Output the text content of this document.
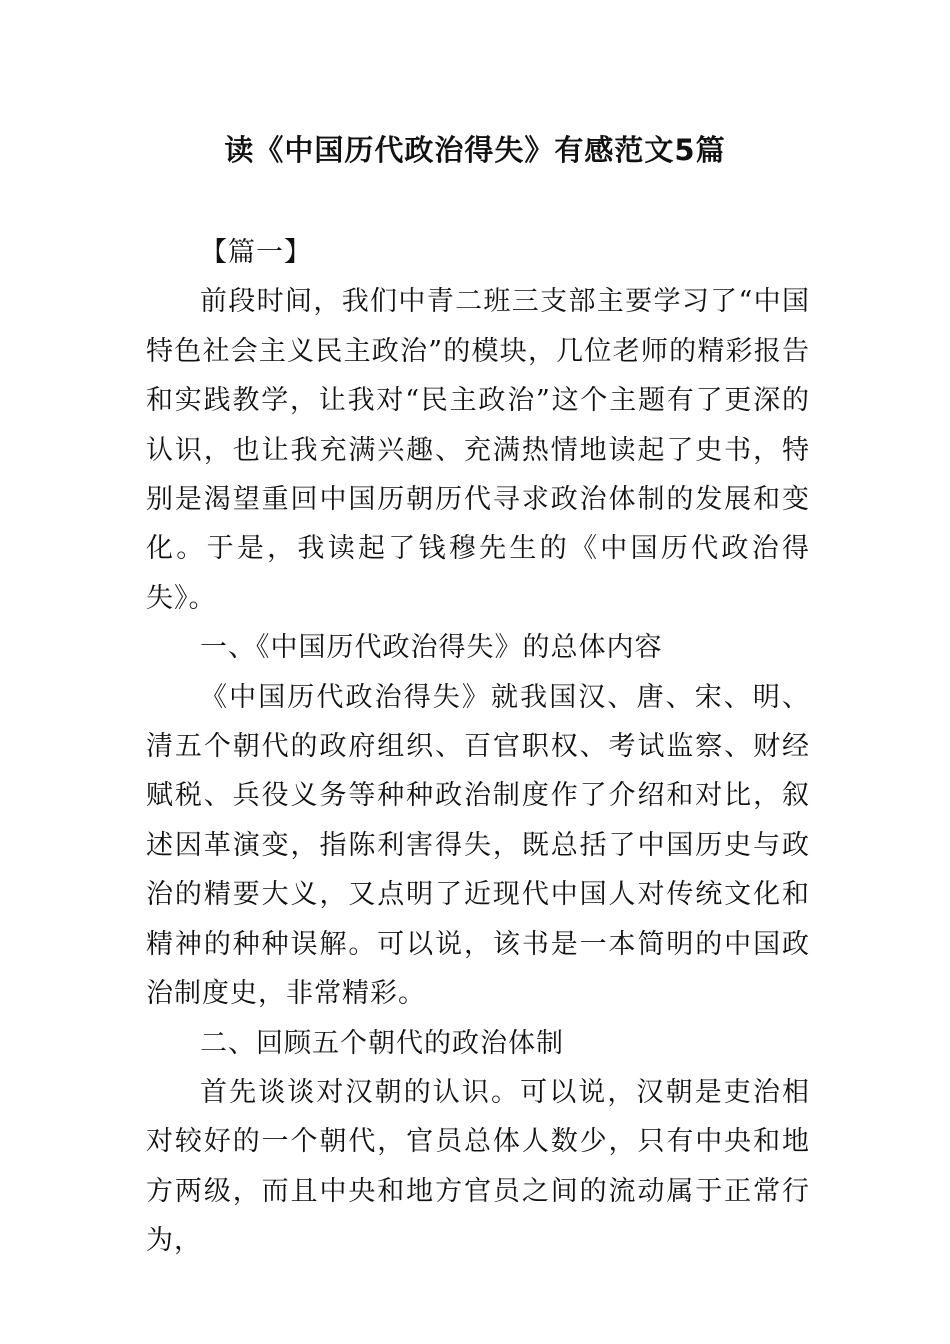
读《中国历代政治得失》有感范文5篇

【篇一】

前段时间，我们中青二班三支部主要学习了“中国特色社会主义民主政治”的模块，几位老师的精彩报告和实践教学，让我对“民主政治”这个主题有了更深的认识，也让我充满兴趣、充满热情地读起了史书，特别是渴望重回中国历朝历代寻求政治体制的发展和变化。于是，我读起了钱穆先生的《中国历代政治得失》。

一、《中国历代政治得失》的总体内容

《中国历代政治得失》就我国汉、唐、宋、明、清五个朝代的政府组织、百官职权、考试监察、财经赋税、兵役义务等种种政治制度作了介绍和对比，叙述因革演变，指陈利害得失，既总括了中国历史与政治的精要大义，又点明了近现代中国人对传统文化和精神的种种误解。可以说，该书是一本简明的中国政治制度史，非常精彩。

二、回顾五个朝代的政治体制

首先谈谈对汉朝的认识。可以说，汉朝是吏治相对较好的一个朝代，官员总体人数少，只有中央和地方两级，而且中央和地方官员之间的流动属于正常行为，
